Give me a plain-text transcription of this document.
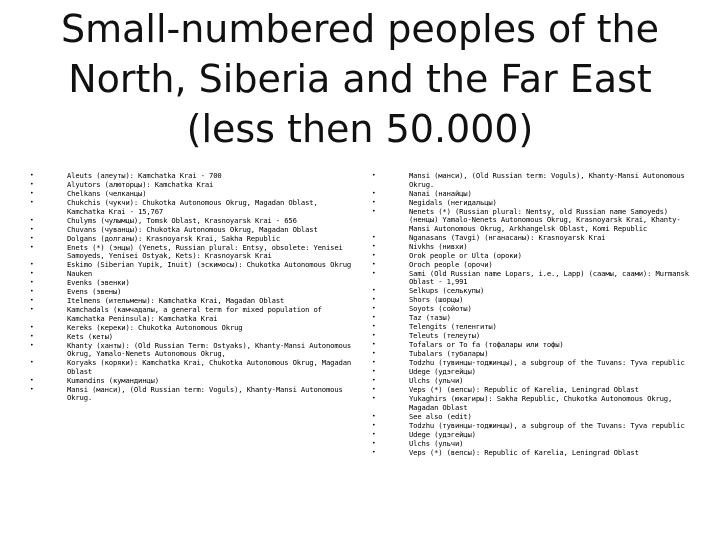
Small-numbered peoples of the North, Siberia and the Far East (less then 50.000)
•	Aleuts (алеуты): Kamchatka Krai - 700
•	Alyutors (алюторцы): Kamchatka Krai
•	Chelkans (челканцы)
•	Chukchis (чукчи): Chukotka Autonomous Okrug, Magadan Oblast, Kamchatka Krai - 15,767
•	Chulyms (чулымцы), Tomsk Oblast, Krasnoyarsk Krai - 656
•	Chuvans (чуванцы): Chukotka Autonomous Okrug, Magadan Oblast
•	Dolgans (долганы): Krasnoyarsk Krai, Sakha Republic
•	Enets (*) (энцы) (Yenets, Russian plural: Entsy, obsolete: Yenisei Samoyeds, Yenisei Ostyak, Kets): Krasnoyarsk Krai
•	Eskimo (Siberian Yupik, Inuit) (эскимосы): Chukotka Autonomous Okrug
•	Nauken
•	Evenks (эвенки)
•	Evens (эвены)
•	Itelmens (ительмены): Kamchatka Krai, Magadan Oblast
•	Kamchadals (камчадалы, a general term for mixed population of Kamchatka Peninsula): Kamchatka Krai
•	Kereks (кереки): Chukotka Autonomous Okrug
•	Kets (кеты)
•	Khanty (ханты): (Old Russian Term: Ostyaks), Khanty-Mansi Autonomous Okrug, Yamalo-Nenets Autonomous Okrug,
•	Koryaks (коряки): Kamchatka Krai, Chukotka Autonomous Okrug, Magadan Oblast
•	Kumandins (кумандинцы)
•	Mansi (манси), (Old Russian term: Voguls), Khanty-Mansi Autonomous Okrug.
•	Mansi (манси), (Old Russian term: Voguls), Khanty-Mansi Autonomous Okrug.
•	Nanai (нанайцы)
•	Negidals (негидальцы)
•	Nenets (*) (Russian plural: Nentsy, old Russian name Samoyeds) (ненцы) Yamalo-Nenets Autonomous Okrug, Krasnoyarsk Krai, Khanty-Mansi Autonomous Okrug, Arkhangelsk Oblast, Komi Republic
•	Nganasans (Tavgi) (нганасаны): Krasnoyarsk Krai
•	Nivkhs (нивхи)
•	Orok people or Ulta (ороки)
•	Oroch people (орочи)
•	Sami (Old Russian name Lopars, i.e., Lapp) (саамы, саами): Murmansk Oblast - 1,991
•	Selkups (селькупы)
•	Shors (шорцы)
•	Soyots (сойоты)
•	Taz (тазы)
•	Telengits (теленгиты)
•	Teleuts (телеуты)
•	Tofalars or To fa (тофалары или тофы)
•	Tubalars (тубалары)
•	Todzhu (тувинцы-тоджинцы), a subgroup of the Tuvans: Tyva republic
•	Udege (удэгейцы)
•	Ulchs (ульчи)
•	Veps (*) (вепсы): Republic of Karelia, Leningrad Oblast
•	Yukaghirs (юкагиры): Sakha Republic, Chukotka Autonomous Okrug, Magadan Oblast
•	See also (edit)
•	Todzhu (тувинцы-тоджинцы), a subgroup of the Tuvans: Tyva republic
•	Udege (удэгейцы)
•	Ulchs (ульчи)
•	Veps (*) (вепсы): Republic of Karelia, Leningrad Oblast
